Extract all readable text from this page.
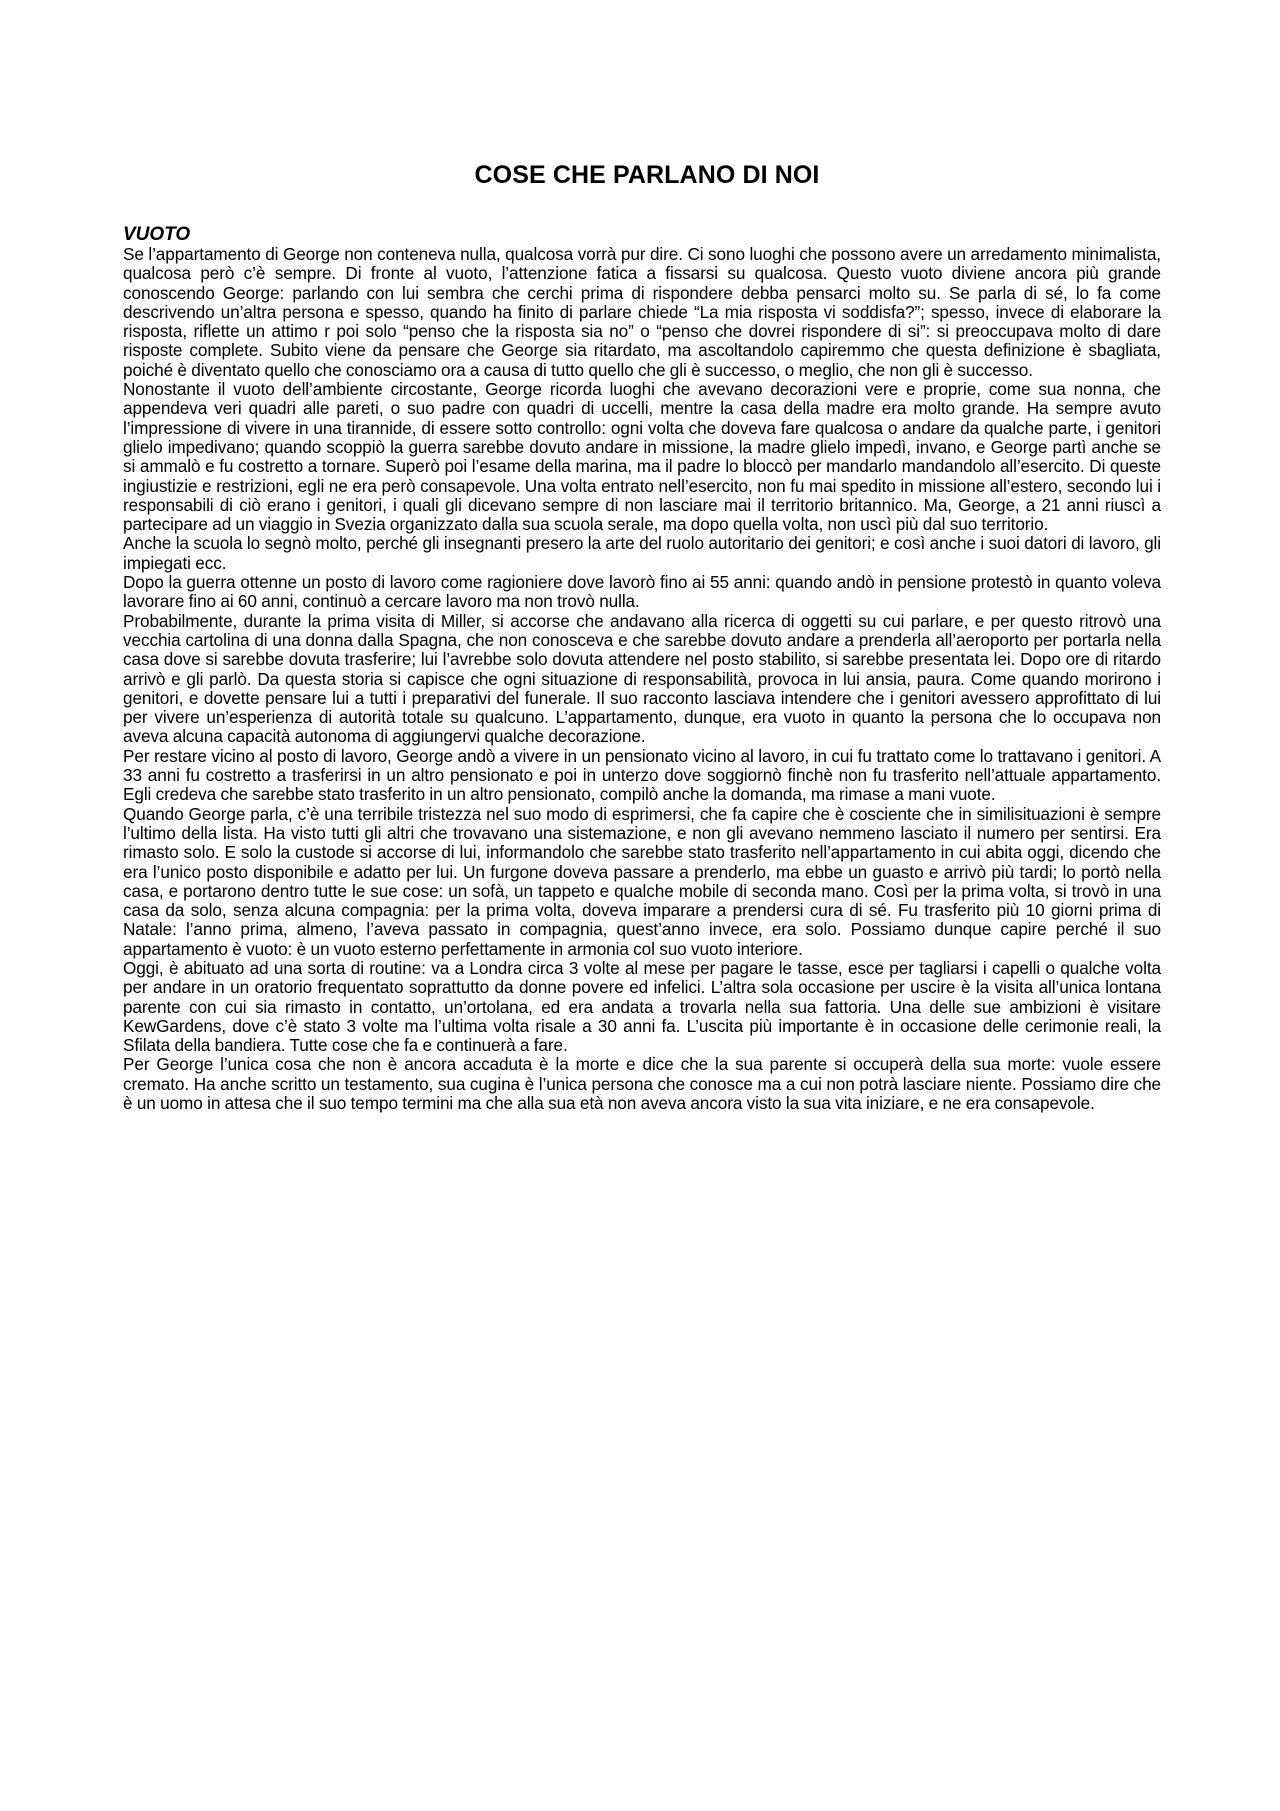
COSE CHE PARLANO DI NOI
VUOTO

Se l’appartamento di George non conteneva nulla, qualcosa vorrà pur dire. Ci sono luoghi che possono avere un arredamento minimalista, qualcosa però c’è sempre. Di fronte al vuoto, l’attenzione fatica a fissarsi su qualcosa. Questo vuoto diviene ancora più grande conoscendo George: parlando con lui sembra che cerchi prima di rispondere debba pensarci molto su. Se parla di sé, lo fa come descrivendo un’altra persona e spesso, quando ha finito di parlare chiede “La mia risposta vi soddisfa?”; spesso, invece di elaborare la risposta, riflette un attimo r poi solo “penso che la risposta sia no” o “penso che dovrei rispondere di si”: si preoccupava molto di dare risposte complete. Subito viene da pensare che George sia ritardato, ma ascoltandolo capiremmo che questa definizione è sbagliata, poiché è diventato quello che conosciamo ora a causa di tutto quello che gli è successo, o meglio, che non gli è successo.

Nonostante il vuoto dell’ambiente circostante, George ricorda luoghi che avevano decorazioni vere e proprie, come sua nonna, che appendeva veri quadri alle pareti, o suo padre con quadri di uccelli, mentre la casa della madre era molto grande. Ha sempre avuto l’impressione di vivere in una tirannide, di essere sotto controllo: ogni volta che doveva fare qualcosa o andare da qualche parte, i genitori glielo impedivano; quando scoppiò la guerra sarebbe dovuto andare in missione, la madre glielo impedì, invano, e George partì anche se si ammalò e fu costretto a tornare. Superò poi l’esame della marina, ma il padre lo bloccò per mandarlo mandandolo all’esercito. Di queste ingiustizie e restrizioni, egli ne era però consapevole. Una volta entrato nell’esercito, non fu mai spedito in missione all’estero, secondo lui i responsabili di ciò erano i genitori, i quali gli dicevano sempre di non lasciare mai il territorio britannico. Ma, George, a 21 anni riuscì a partecipare ad un viaggio in Svezia organizzato dalla sua scuola serale, ma dopo quella volta, non uscì più dal suo territorio.

Anche la scuola lo segnò molto, perché gli insegnanti presero la arte del ruolo autoritario dei genitori; e così anche i suoi datori di lavoro, gli impiegati ecc.

Dopo la guerra ottenne un posto di lavoro come ragioniere dove lavorò fino ai 55 anni: quando andò in pensione protestò in quanto voleva lavorare fino ai 60 anni, continuò a cercare lavoro ma non trovò nulla.

Probabilmente, durante la prima visita di Miller, si accorse che andavano alla ricerca di oggetti su cui parlare, e per questo ritrovò una vecchia cartolina di una donna dalla Spagna, che non conosceva e che sarebbe dovuto andare a prenderla all’aeroporto per portarla nella casa dove si sarebbe dovuta trasferire; lui l’avrebbe solo dovuta attendere nel posto stabilito, si sarebbe presentata lei. Dopo ore di ritardo arrivò e gli parlò. Da questa storia si capisce che ogni situazione di responsabilità, provoca in lui ansia, paura. Come quando morirono i genitori, e dovette pensare lui a tutti i preparativi del funerale. Il suo racconto lasciava intendere che i genitori avessero approfittato di lui per vivere un’esperienza di autorità totale su qualcuno. L’appartamento, dunque, era vuoto in quanto la persona che lo occupava non aveva alcuna capacità autonoma di aggiungervi qualche decorazione.

Per restare vicino al posto di lavoro, George andò a vivere in un pensionato vicino al lavoro, in cui fu trattato come lo trattavano i genitori. A 33 anni fu costretto a trasferirsi in un altro pensionato e poi in unterzo dove soggiornò finchè non fu trasferito nell’attuale appartamento. Egli credeva che sarebbe stato trasferito in un altro pensionato, compilò anche la domanda, ma rimase a mani vuote.

Quando George parla, c’è una terribile tristezza nel suo modo di esprimersi, che fa capire che è cosciente che in similisituazioni è sempre l’ultimo della lista. Ha visto tutti gli altri che trovavano una sistemazione, e non gli avevano nemmeno lasciato il numero per sentirsi. Era rimasto solo. E solo la custode si accorse di lui, informandolo che sarebbe stato trasferito nell’appartamento in cui abita oggi, dicendo che era l’unico posto disponibile e adatto per lui. Un furgone doveva passare a prenderlo, ma ebbe un guasto e arrivò più tardi; lo portò nella casa, e portarono dentro tutte le sue cose: un sofà, un tappeto e qualche mobile di seconda mano. Così per la prima volta, si trovò in una casa da solo, senza alcuna compagnia: per la prima volta, doveva imparare a prendersi cura di sé. Fu trasferito più 10 giorni prima di Natale: l’anno prima, almeno, l’aveva passato in compagnia, quest’anno invece, era solo. Possiamo dunque capire perché il suo appartamento è vuoto: è un vuoto esterno perfettamente in armonia col suo vuoto interiore.

Oggi, è abituato ad una sorta di routine: va a Londra circa 3 volte al mese per pagare le tasse, esce per tagliarsi i capelli o qualche volta per andare in un oratorio frequentato soprattutto da donne povere ed infelici. L’altra sola occasione per uscire è la visita all’unica lontana parente con cui sia rimasto in contatto, un’ortolana, ed era andata a trovarla nella sua fattoria. Una delle sue ambizioni è visitare KewGardens, dove c’è stato 3 volte ma l’ultima volta risale a 30 anni fa. L’uscita più importante è in occasione delle cerimonie reali, la Sfilata della bandiera. Tutte cose che fa e continuerà a fare.

Per George l’unica cosa che non è ancora accaduta è la morte e dice che la sua parente si occuperà della sua morte: vuole essere cremato. Ha anche scritto un testamento, sua cugina è l’unica persona che conosce ma a cui non potrà lasciare niente. Possiamo dire che è un uomo in attesa che il suo tempo termini ma che alla sua età non aveva ancora visto la sua vita iniziare, e ne era consapevole.
